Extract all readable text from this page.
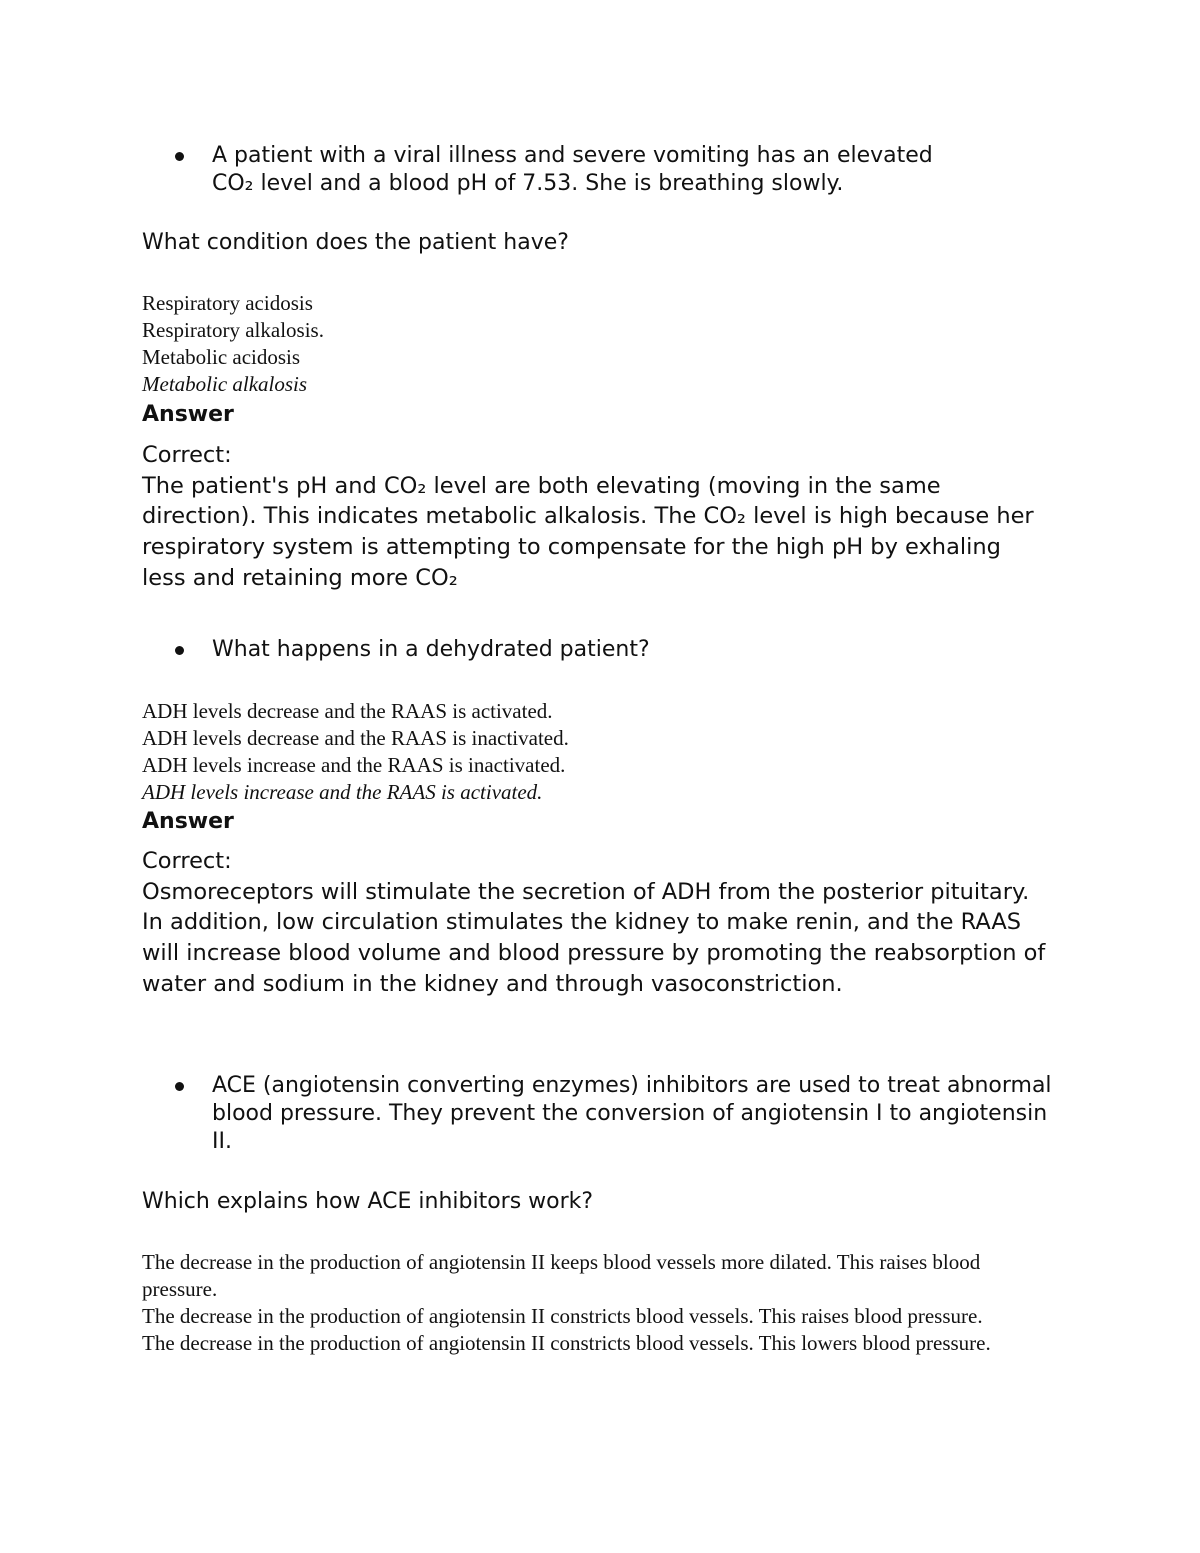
A patient with a viral illness and severe vomiting has an elevated
CO₂ level and a blood pH of 7.53. She is breathing slowly.
What condition does the patient have?
Respiratory acidosis
Respiratory alkalosis.
Metabolic acidosis
Metabolic alkalosis
Answer
Correct:
The patient's pH and CO₂ level are both elevating (moving in the same direction). This indicates metabolic alkalosis. The CO₂ level is high because her respiratory system is attempting to compensate for the high pH by exhaling less and retaining more CO₂
What happens in a dehydrated patient?
ADH levels decrease and the RAAS is activated.
ADH levels decrease and the RAAS is inactivated.
ADH levels increase and the RAAS is inactivated.
ADH levels increase and the RAAS is activated.
Answer
Correct:
Osmoreceptors will stimulate the secretion of ADH from the posterior pituitary. In addition, low circulation stimulates the kidney to make renin, and the RAAS will increase blood volume and blood pressure by promoting the reabsorption of water and sodium in the kidney and through vasoconstriction.
ACE (angiotensin converting enzymes) inhibitors are used to treat abnormal blood pressure. They prevent the conversion of angiotensin I to angiotensin II.
Which explains how ACE inhibitors work?
The decrease in the production of angiotensin II keeps blood vessels more dilated. This raises blood pressure.
The decrease in the production of angiotensin II constricts blood vessels. This raises blood pressure.
The decrease in the production of angiotensin II constricts blood vessels. This lowers blood pressure.
